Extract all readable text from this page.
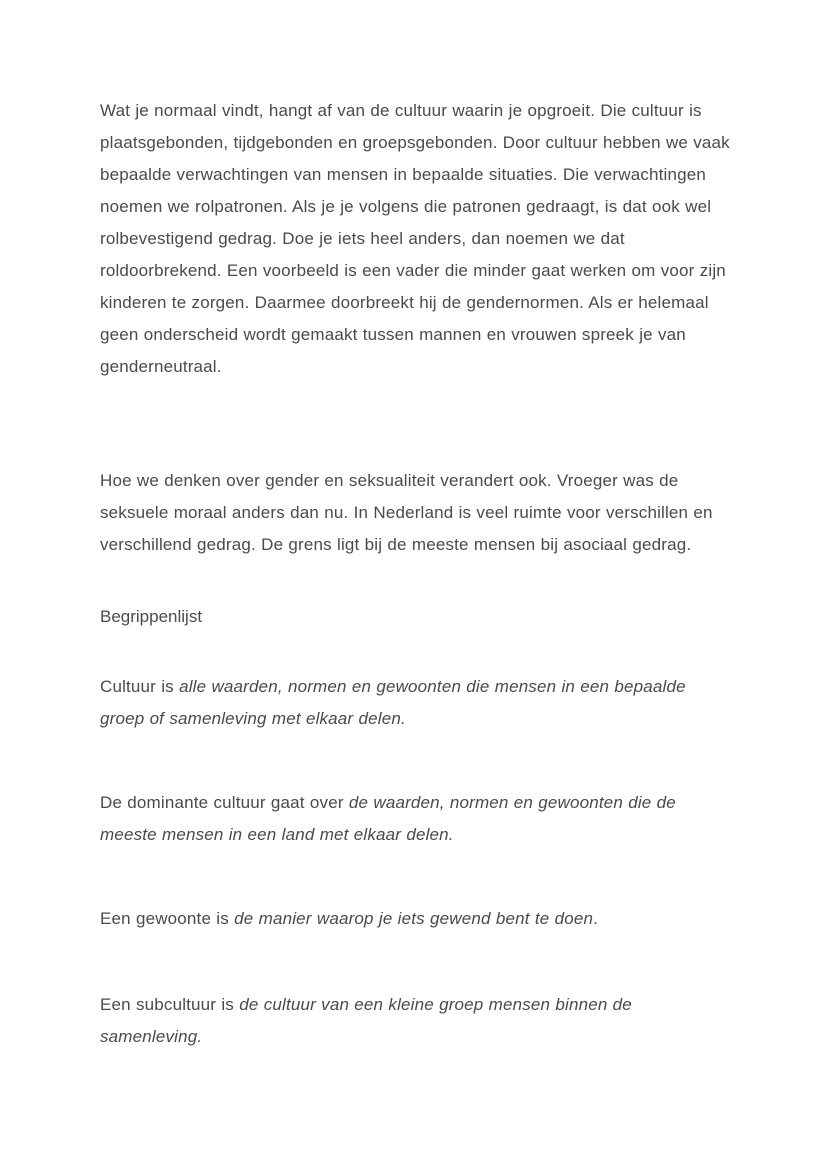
Wat je normaal vindt, hangt af van de cultuur waarin je opgroeit. Die cultuur is plaatsgebonden, tijdgebonden en groepsgebonden. Door cultuur hebben we vaak bepaalde verwachtingen van mensen in bepaalde situaties. Die verwachtingen noemen we rolpatronen. Als je je volgens die patronen gedraagt, is dat ook wel rolbevestigend gedrag. Doe je iets heel anders, dan noemen we dat roldoorbrekend. Een voorbeeld is een vader die minder gaat werken om voor zijn kinderen te zorgen. Daarmee doorbreekt hij de gendernormen. Als er helemaal geen onderscheid wordt gemaakt tussen mannen en vrouwen spreek je van genderneutraal.

Hoe we denken over gender en seksualiteit verandert ook. Vroeger was de seksuele moraal anders dan nu. In Nederland is veel ruimte voor verschillen en verschillend gedrag. De grens ligt bij de meeste mensen bij asociaal gedrag.

Begrippenlijst

Cultuur is alle waarden, normen en gewoonten die mensen in een bepaalde groep of samenleving met elkaar delen.

De dominante cultuur gaat over de waarden, normen en gewoonten die de meeste mensen in een land met elkaar delen.

Een gewoonte is de manier waarop je iets gewend bent te doen.

Een subcultuur is de cultuur van een kleine groep mensen binnen de samenleving.
